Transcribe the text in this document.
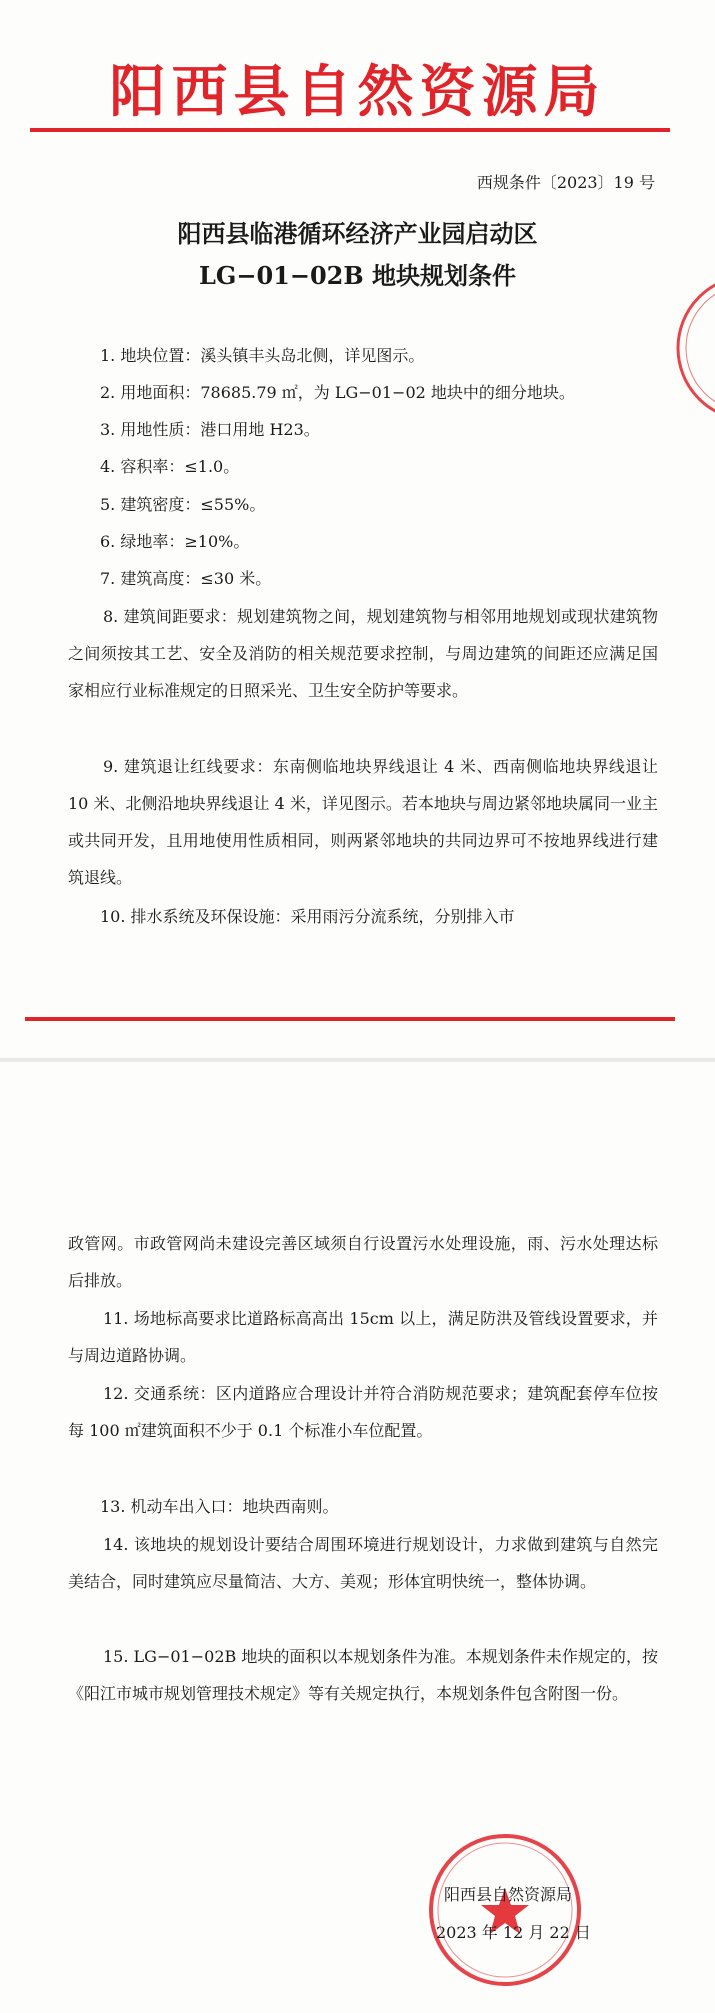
阳西县自然资源局
西规条件〔2023〕19 号
阳西县临港循环经济产业园启动区
LG−01−02B 地块规划条件
1. 地块位置：溪头镇丰头岛北侧，详见图示。
2. 用地面积：78685.79 ㎡，为 LG−01−02 地块中的细分地块。
3. 用地性质：港口用地 H23。
4. 容积率：≤1.0。
5. 建筑密度：≤55%。
6. 绿地率：≥10%。
7. 建筑高度：≤30 米。
8. 建筑间距要求：规划建筑物之间，规划建筑物与相邻用地规划或现状建筑物之间须按其工艺、安全及消防的相关规范要求控制，与周边建筑的间距还应满足国家相应行业标准规定的日照采光、卫生安全防护等要求。
9. 建筑退让红线要求：东南侧临地块界线退让 4 米、西南侧临地块界线退让 10 米、北侧沿地块界线退让 4 米，详见图示。若本地块与周边紧邻地块属同一业主或共同开发，且用地使用性质相同，则两紧邻地块的共同边界可不按地界线进行建筑退线。
10. 排水系统及环保设施：采用雨污分流系统，分别排入市
政管网。市政管网尚未建设完善区域须自行设置污水处理设施，雨、污水处理达标后排放。
11. 场地标高要求比道路标高高出 15cm 以上，满足防洪及管线设置要求，并与周边道路协调。
12. 交通系统：区内道路应合理设计并符合消防规范要求；建筑配套停车位按每 100 ㎡建筑面积不少于 0.1 个标准小车位配置。
13. 机动车出入口：地块西南则。
14. 该地块的规划设计要结合周围环境进行规划设计，力求做到建筑与自然完美结合，同时建筑应尽量简洁、大方、美观；形体宜明快统一，整体协调。
15. LG−01−02B 地块的面积以本规划条件为准。本规划条件未作规定的，按《阳江市城市规划管理技术规定》等有关规定执行，本规划条件包含附图一份。
阳西县自然资源局
2023 年 12 月 22 日
